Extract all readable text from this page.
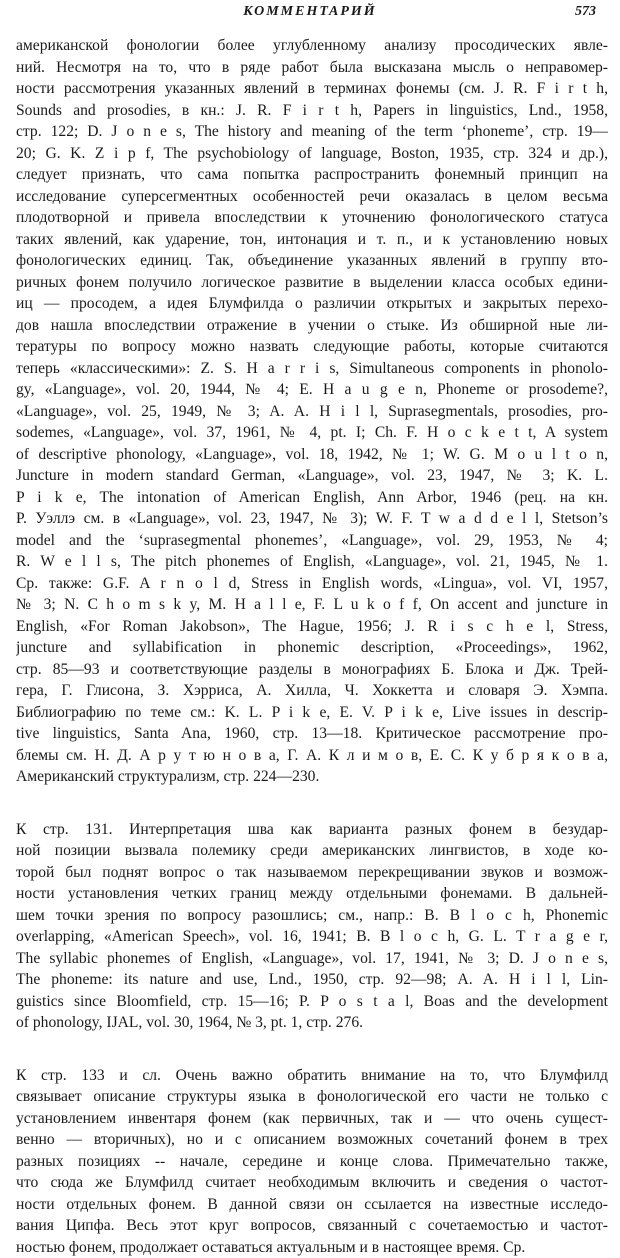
КОММЕНТАРИЙ	573
американской фонологии более углубленному анализу просодических явле-
ний. Несмотря на то, что в ряде работ была высказана мысль о неправомер-
ности рассмотрения указанных явлений в терминах фонемы (см. J. R. F i r t h,
Sounds and prosodies, в кн.: J. R. F i r t h, Papers in linguistics, Lnd., 1958,
стр. 122; D. J o n e s, The history and meaning of the term ‘phoneme’, стр. 19—
20; G. K. Z i p f, The psychobiology of language, Boston, 1935, стр. 324 и др.),
следует признать, что сама попытка распространить фонемный принцип на
исследование суперсегментных особенностей речи оказалась в целом весьма
плодотворной и привела впоследствии к уточнению фонологического статуса
таких явлений, как ударение, тон, интонация и т. п., и к установлению новых
фонологических единиц. Так, объединение указанных явлений в группу вто-
ричных фонем получило логическое развитие в выделении класса особых едини-
иц — просодем, а идея Блумфилда о различии открытых и закрытых перехо-
дов нашла впоследствии отражение в учении о стыке. Из обширной ные ли-
тературы по вопросу можно назвать следующие работы, которые считаются
теперь «классическими»: Z. S. H a r r i s, Simultaneous components in phonolo-
gy, «Language», vol. 20, 1944, № 4; E. H a u g e n, Phoneme or prosodeme?,
«Language», vol. 25, 1949, № 3; A. A. H i l l, Suprasegmentals, prosodies, pro-
sodemes, «Language», vol. 37, 1961, № 4, pt. I; Ch. F. H o c k e t t, A system
of descriptive phonology, «Language», vol. 18, 1942, № 1; W. G. M o u l t o n,
Juncture in modern standard German, «Language», vol. 23, 1947, № 3; K. L.
P i k e, The intonation of American English, Ann Arbor, 1946 (рец. на кн.
P. Уэллэ см. в «Language», vol. 23, 1947, № 3); W. F. T w a d d e l l, Stetson’s
model and the ‘suprasegmental phonemes’, «Language», vol. 29, 1953, № 4;
R. W e l l s, The pitch phonemes of English, «Language», vol. 21, 1945, № 1.
Ср. также: G.F. A r n o l d, Stress in English words, «Lingua», vol. VI, 1957,
№ 3; N. C h o m s k y, M. H a l l e, F. L u k o f f, On accent and juncture in
English, «For Roman Jakobson», The Hague, 1956; J. R i s c h e l, Stress,
juncture and syllabification in phonemic description, «Proceedings», 1962,
стр. 85—93 и соответствующие разделы в монографиях Б. Блока и Дж. Трей-
гера, Г. Глисона, З. Хэрриса, А. Хилла, Ч. Хоккетта и словаря Э. Хэмпа.
Библиографию по теме см.: K. L. P i k e, E. V. P i k e, Live issues in descrip-
tive linguistics, Santa Ana, 1960, стр. 13—18. Критическое рассмотрение про-
блемы см. Н. Д. А р у т ю н о в а, Г. А. К л и м о в, Е. С. К у б р я к о в а,
Американский структурализм, стр. 224—230.
К стр. 131. Интерпретация шва как варианта разных фонем в безудар-
ной позиции вызвала полемику среди американских лингвистов, в ходе ко-
торой был поднят вопрос о так называемом перекрещивании звуков и возмож-
ности установления четких границ между отдельными фонемами. В дальней-
шем точки зрения по вопросу разошлись; см., напр.: B. B l o c h, Phonemic
overlapping, «American Speech», vol. 16, 1941; B. B l o c h, G. L. T r a g e r,
The syllabic phonemes of English, «Language», vol. 17, 1941, № 3; D. J o n e s,
The phoneme: its nature and use, Lnd., 1950, стр. 92—98; A. A. H i l l, Lin-
guistics since Bloomfield, стр. 15—16; P. P o s t a l, Boas and the development
of phonology, IJAL, vol. 30, 1964, № 3, pt. 1, стр. 276.
К стр. 133 и сл. Очень важно обратить внимание на то, что Блумфилд
связывает описание структуры языка в фонологической его части не только с
установлением инвентаря фонем (как первичных, так и — что очень сущест-
венно — вторичных), но и с описанием возможных сочетаний фонем в трех
разных позициях -- начале, середине и конце слова. Примечательно также,
что сюда же Блумфилд считает необходимым включить и сведения о частот-
ности отдельных фонем. В данной связи он ссылается на известные исследо-
вания Ципфа. Весь этот круг вопросов, связанный с сочетаемостью и частот-
ностью фонем, продолжает оставаться актуальным и в настоящее время. Ср.
